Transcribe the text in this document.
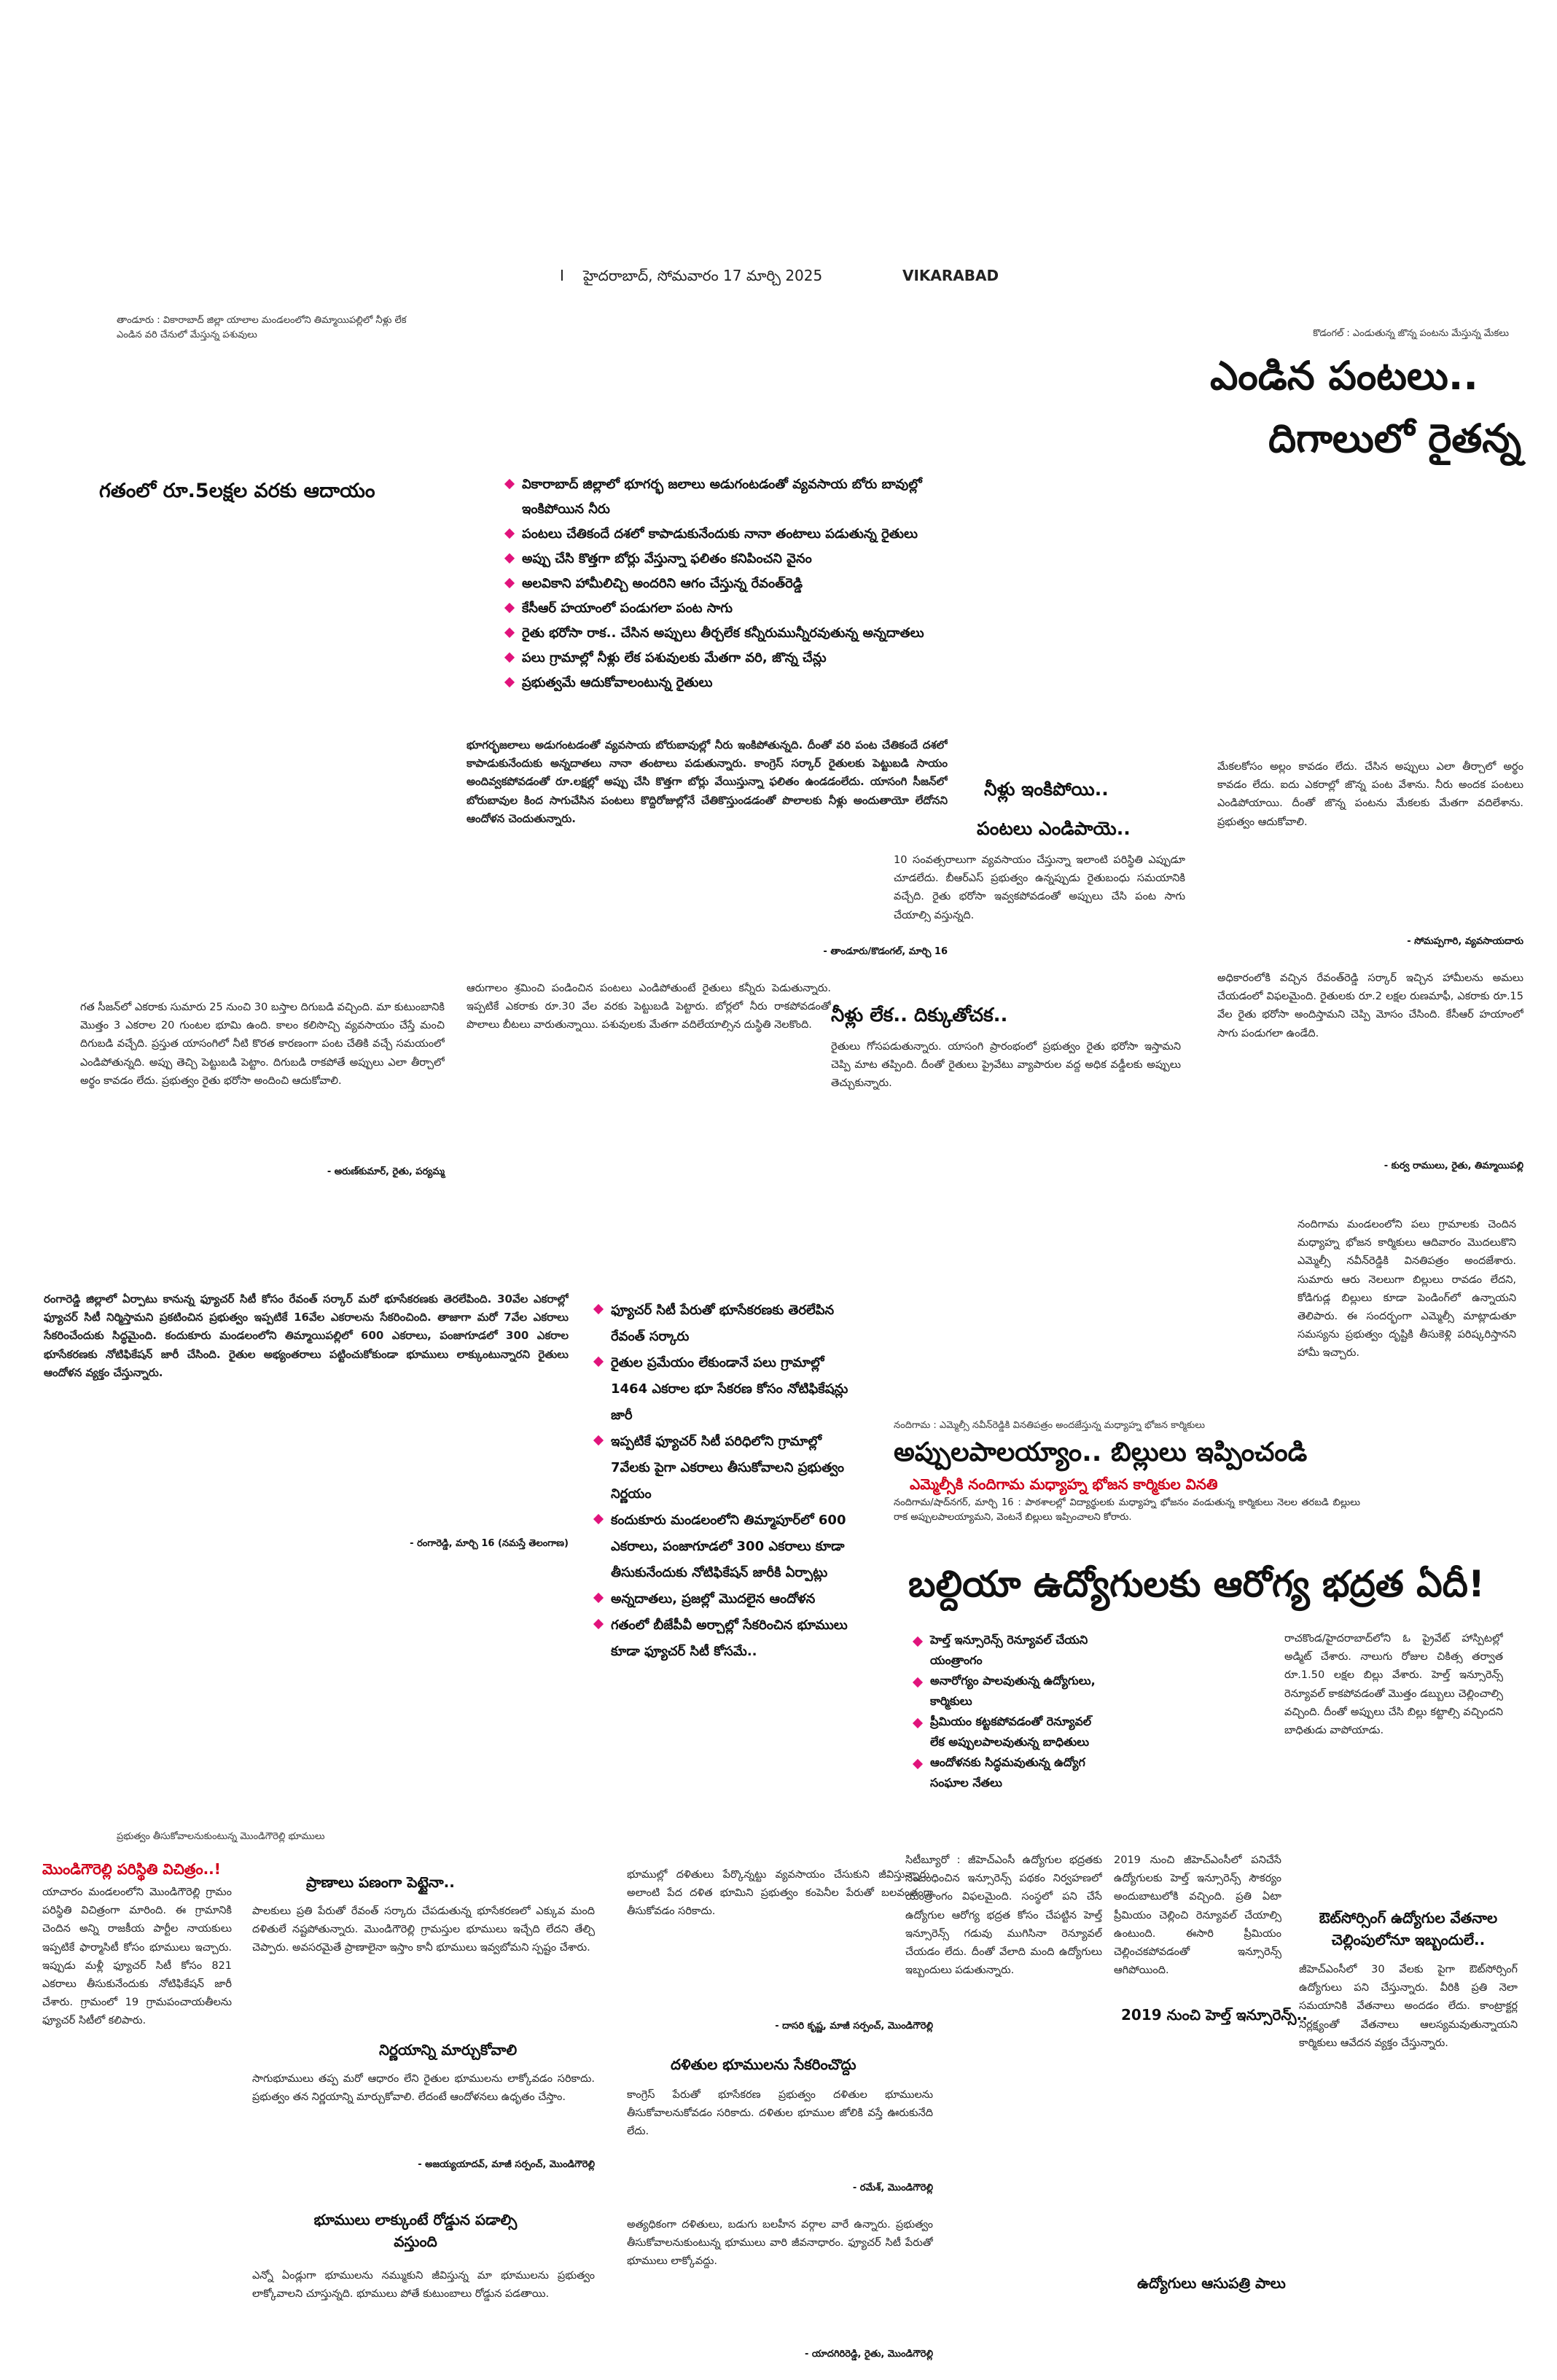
I హైదరాబాద్‌, సోమవారం 17 మార్చి 2025	VIKARABAD
తాండూరు : వికారాబాద్‌ జిల్లా యాలాల మండలంలోని తిమ్మాయిపల్లిలో నీళ్లు లేక ఎండిన వరి చేనులో మేస్తున్న పశువులు	కొడంగల్‌ : ఎండుతున్న జొన్న పంటను మేస్తున్న మేకలు
ఎండిన పంటలు..
దిగాలులో రైతన్న
గతంలో రూ.5లక్షల వరకు ఆదాయం	వికారాబాద్‌ జిల్లాలో భూగర్భ జలాలు అడుగంటడంతో వ్యవసాయ బోరు బావుల్లో ఇంకిపోయిన నీరు
పంటలు చేతికందే దశలో కాపాడుకునేందుకు నానా తంటాలు పడుతున్న రైతులు
అప్పు చేసి కొత్తగా బోర్లు వేస్తున్నా ఫలితం కనిపించని వైనం
అలవికాని హామీలిచ్చి అందరిని ఆగం చేస్తున్న రేవంత్‌రెడ్డి
కేసీఆర్‌ హయాంలో పండుగలా పంట సాగు
రైతు భరోసా రాక.. చేసిన అప్పులు తీర్చలేక కన్నీరుమున్నీరవుతున్న అన్నదాతలు
పలు గ్రామాల్లో నీళ్లు లేక పశువులకు మేతగా వరి, జొన్న చేన్లు
ప్రభుత్వమే ఆదుకోవాలంటున్న రైతులు
భూగర్భజలాలు అడుగంటడంతో వ్యవసాయ బోరుబావుల్లో నీరు ఇంకిపోతున్నది. దీంతో వరి పంట చేతికందే దశలో కాపాడుకునేందుకు అన్నదాతలు నానా తంటాలు పడుతున్నారు. కాంగ్రెస్‌ సర్కార్‌ రైతులకు పెట్టుబడి సాయం అందివ్వకపోవడంతో రూ.లక్షల్లో అప్పు చేసి కొత్తగా బోర్లు వేయిస్తున్నా ఫలితం ఉండడంలేదు. యాసంగి సీజన్‌లో బోరుబావుల కింద సాగుచేసిన పంటలు కొద్దిరోజుల్లోనే చేతికొస్తుండడంతో పొలాలకు నీళ్లు అందుతాయో లేదోనని ఆందోళన చెందుతున్నారు.
- తాండూరు/కొడంగల్‌, మార్చి 16
గత సీజన్‌లో ఎకరాకు సుమారు 25 నుంచి 30 బస్తాల దిగుబడి వచ్చింది. మా కుటుంబానికి మొత్తం 3 ఎకరాల 20 గుంటల భూమి ఉంది. కాలం కలిసొచ్చి వ్యవసాయం చేస్తే మంచి దిగుబడి వచ్చేది. ప్రస్తుత యాసంగిలో నీటి కొరత కారణంగా పంట చేతికి వచ్చే సమయంలో ఎండిపోతున్నది. అప్పు తెచ్చి పెట్టుబడి పెట్టాం. దిగుబడి రాకపోతే అప్పులు ఎలా తీర్చాలో అర్థం కావడం లేదు. ప్రభుత్వం రైతు భరోసా అందించి ఆదుకోవాలి.
- అరుణ్‌కుమార్‌, రైతు, పర్యమ్మ
ఆరుగాలం శ్రమించి పండించిన పంటలు ఎండిపోతుంటే రైతులు కన్నీరు పెడుతున్నారు. ఇప్పటికే ఎకరాకు రూ.30 వేల వరకు పెట్టుబడి పెట్టారు. బోర్లలో నీరు రాకపోవడంతో పొలాలు బీటలు వారుతున్నాయి. పశువులకు మేతగా వదిలేయాల్సిన దుస్థితి నెలకొంది.
నీళ్లు ఇంకిపోయి..
పంటలు ఎండిపాయె..
10 సంవత్సరాలుగా వ్యవసాయం చేస్తున్నా ఇలాంటి పరిస్థితి ఎప్పుడూ చూడలేదు. బీఆర్‌ఎస్‌ ప్రభుత్వం ఉన్నప్పుడు రైతుబంధు సమయానికి వచ్చేది. రైతు భరోసా ఇవ్వకపోవడంతో అప్పులు చేసి పంట సాగు చేయాల్సి వస్తున్నది.
నీళ్లు లేక.. దిక్కుతోచక..
రైతులు గోసపడుతున్నారు. యాసంగి ప్రారంభంలో ప్రభుత్వం రైతు భరోసా ఇస్తామని చెప్పి మాట తప్పింది. దీంతో రైతులు ప్రైవేటు వ్యాపారుల వద్ద అధిక వడ్డీలకు అప్పులు తెచ్చుకున్నారు.
మేకలకోసం అల్లం కావడం లేదు. చేసిన అప్పులు ఎలా తీర్చాలో అర్థం కావడం లేదు. ఐదు ఎకరాల్లో జొన్న పంట వేశాను. నీరు అందక పంటలు ఎండిపోయాయి. దీంతో జొన్న పంటను మేకలకు మేతగా వదిలేశాను. ప్రభుత్వం ఆదుకోవాలి.
- సోమప్పగారి, వ్యవసాయదారు
అధికారంలోకి వచ్చిన రేవంత్‌రెడ్డి సర్కార్‌ ఇచ్చిన హామీలను అమలు చేయడంలో విఫలమైంది. రైతులకు రూ.2 లక్షల రుణమాఫీ, ఎకరాకు రూ.15 వేల రైతు భరోసా అందిస్తామని చెప్పి మోసం చేసింది. కేసీఆర్‌ హయాంలో సాగు పండుగలా ఉండేది.
- కుర్వ రాములు, రైతు, తిమ్మాయిపల్లి
రంగారెడ్డి జిల్లాలో ఏర్పాటు కానున్న ఫ్యూచర్‌ సిటీ కోసం రేవంత్‌ సర్కార్‌ మరో భూసేకరణకు తెరలేపింది. 30వేల ఎకరాల్లో ఫ్యూచర్‌ సిటీ నిర్మిస్తామని ప్రకటించిన ప్రభుత్వం ఇప్పటికే 16వేల ఎకరాలను సేకరించింది. తాజాగా మరో 7వేల ఎకరాలు సేకరించేందుకు సిద్ధమైంది. కందుకూరు మండలంలోని తిమ్మాయిపల్లిలో 600 ఎకరాలు, పంజాగూడలో 300 ఎకరాల భూసేకరణకు నోటిఫికేషన్‌ జారీ చేసింది. రైతుల అభ్యంతరాలు పట్టించుకోకుండా భూములు లాక్కుంటున్నారని రైతులు ఆందోళన వ్యక్తం చేస్తున్నారు.
- రంగారెడ్డి, మార్చి 16 (నమస్తే తెలంగాణ)
ఫ్యూచర్‌ సిటీ పేరుతో భూసేకరణకు తెరలేపిన రేవంత్‌ సర్కారు
రైతుల ప్రమేయం లేకుండానే పలు గ్రామాల్లో 1464 ఎకరాల భూ సేకరణ కోసం నోటిఫికేషన్లు జారీ
ఇప్పటికే ఫ్యూచర్‌ సిటీ పరిధిలోని గ్రామాల్లో 7వేలకు పైగా ఎకరాలు తీసుకోవాలని ప్రభుత్వం నిర్ణయం
కందుకూరు మండలంలోని తిమ్మాపూర్‌లో 600 ఎకరాలు, పంజాగూడలో 300 ఎకరాలు కూడా తీసుకునేందుకు నోటిఫికేషన్‌ జారీకి ఏర్పాట్లు
అన్నదాతలు, ప్రజల్లో మొదలైన ఆందోళన
గతంలో బీజేపీవీ అర్చాల్లో సేకరించిన భూములు కూడా ఫ్యూచర్‌ సిటీ కోసమే..
ప్రభుత్వం తీసుకోవాలనుకుంటున్న మొండిగౌరెల్లి భూములు
మొండిగౌరెల్లి పరిస్థితి విచిత్రం..!
యాచారం మండలంలోని మొండిగౌరెల్లి గ్రామం పరిస్థితి విచిత్రంగా మారింది. ఈ గ్రామానికి చెందిన అన్ని రాజకీయ పార్టీల నాయకులు ఇప్పటికే ఫార్మాసిటీ కోసం భూములు ఇచ్చారు. ఇప్పుడు మళ్లీ ఫ్యూచర్‌ సిటీ కోసం 821 ఎకరాలు తీసుకునేందుకు నోటిఫికేషన్‌ జారీ చేశారు. గ్రామంలో 19 గ్రామపంచాయతీలను ఫ్యూచర్‌ సిటీలో కలిపారు.
ప్రాణాలు పణంగా పెట్టైనా..
పాలకులు ప్రతి పేరుతో రేవంత్‌ సర్కారు చేపడుతున్న భూసేకరణలో ఎక్కువ మంది దళితులే నష్టపోతున్నారు. మొండిగౌరెల్లి గ్రామస్తుల భూములు ఇచ్చేది లేదని తేల్చి చెప్పారు. అవసరమైతే ప్రాణాలైనా ఇస్తాం కానీ భూములు ఇవ్వబోమని స్పష్టం చేశారు.
నిర్ణయాన్ని మార్చుకోవాలి
సాగుభూములు తప్ప మరో ఆధారం లేని రైతుల భూములను లాక్కోవడం సరికాదు. ప్రభుత్వం తన నిర్ణయాన్ని మార్చుకోవాలి. లేదంటే ఆందోళనలు ఉధృతం చేస్తాం.
- అజయ్యయాదవ్‌, మాజీ సర్పంచ్‌, మొండిగౌరెల్లి
భూములు లాక్కుంటే రోడ్డున పడాల్సి వస్తుంది
ఎన్నో ఏండ్లుగా భూములను నమ్ముకుని జీవిస్తున్న మా భూములను ప్రభుత్వం లాక్కోవాలని చూస్తున్నది. భూములు పోతే కుటుంబాలు రోడ్డున పడతాయి.
భూముల్లో దళితులు పేర్కొన్నట్టు వ్యవసాయం చేసుకుని జీవిస్తున్నారు. అలాంటి పేద దళిత భూమిని ప్రభుత్వం కంపెనీల పేరుతో బలవంతంగా తీసుకోవడం సరికాదు.
- దాసరి కృష్ణ, మాజీ సర్పంచ్‌, మొండిగౌరెల్లి
దళితుల భూములను సేకరించొద్దు
కాంగ్రెస్‌ పేరుతో భూసేకరణ ప్రభుత్వం దళితుల భూములను తీసుకోవాలనుకోవడం సరికాదు. దళితుల భూముల జోలికి వస్తే ఊరుకునేది లేదు.
- రమేశ్‌, మొండిగౌరెల్లి
అత్యధికంగా దళితులు, బడుగు బలహీన వర్గాల వారే ఉన్నారు. ప్రభుత్వం తీసుకోవాలనుకుంటున్న భూములు వారి జీవనాధారం. ఫ్యూచర్‌ సిటీ పేరుతో భూములు లాక్కోవద్దు.
- యాదగిరిరెడ్డి, రైతు, మొండిగౌరెల్లి
నందిగామ : ఎమ్మెల్సీ నవీన్‌రెడ్డికి వినతిపత్రం అందజేస్తున్న మధ్యాహ్న భోజన కార్మికులు
అప్పులపాలయ్యాం.. బిల్లులు ఇప్పించండి
ఎమ్మెల్సీకి నందిగామ మధ్యాహ్న భోజన కార్మికుల వినతి
నందిగామ/షాద్‌నగర్‌, మార్చి 16 : పాఠశాలల్లో విద్యార్థులకు మధ్యాహ్న భోజనం వండుతున్న కార్మికులు నెలల తరబడి బిల్లులు రాక అప్పులపాలయ్యామని, వెంటనే బిల్లులు ఇప్పించాలని కోరారు.
నందిగామ మండలంలోని పలు గ్రామాలకు చెందిన మధ్యాహ్న భోజన కార్మికులు ఆదివారం మొదలుకొని ఎమ్మెల్సీ నవీన్‌రెడ్డికి వినతిపత్రం అందజేశారు. సుమారు ఆరు నెలలుగా బిల్లులు రావడం లేదని, కోడిగుడ్ల బిల్లులు కూడా పెండింగ్‌లో ఉన్నాయని తెలిపారు. ఈ సందర్భంగా ఎమ్మెల్సీ మాట్లాడుతూ సమస్యను ప్రభుత్వం దృష్టికి తీసుకెళ్లి పరిష్కరిస్తానని హామీ ఇచ్చారు.
బల్దియా ఉద్యోగులకు ఆరోగ్య భద్రత ఏదీ!
హెల్త్‌ ఇన్సూరెన్స్‌ రెన్యూవల్‌ చేయని యంత్రాంగం
అనారోగ్యం పాలవుతున్న ఉద్యోగులు, కార్మికులు
ప్రీమియం కట్టకపోవడంతో రెన్యూవల్‌ లేక అప్పులపాలవుతున్న బాధితులు
ఆందోళనకు సిద్ధమవుతున్న ఉద్యోగ సంఘాల నేతలు
రాచకొండ/హైదరాబాద్‌లోని ఓ ప్రైవేట్‌ హాస్పిటల్లో అడ్మిట్‌ చేశారు. నాలుగు రోజుల చికిత్స తర్వాత రూ.1.50 లక్షల బిల్లు వేశారు. హెల్త్‌ ఇన్సూరెన్స్‌ రెన్యూవల్‌ కాకపోవడంతో మొత్తం డబ్బులు చెల్లించాల్సి వచ్చింది. దీంతో అప్పులు చేసి బిల్లు కట్టాల్సి వచ్చిందని బాధితుడు వాపోయాడు.
సిటీబ్యూరో : జీహెచ్‌ఎంసీ ఉద్యోగుల భద్రతకు సంబంధించిన ఇన్సూరెన్స్‌ పథకం నిర్వహణలో యంత్రాంగం విఫలమైంది. సంస్థలో పని చేసే ఉద్యోగుల ఆరోగ్య భద్రత కోసం చేపట్టిన హెల్త్‌ ఇన్సూరెన్స్‌ గడువు ముగిసినా రెన్యూవల్‌ చేయడం లేదు. దీంతో వేలాది మంది ఉద్యోగులు ఇబ్బందులు పడుతున్నారు.
2019 నుంచి హెల్త్‌ ఇన్సూరెన్స్‌..
2019 నుంచి జీహెచ్‌ఎంసీలో పనిచేసే ఉద్యోగులకు హెల్త్‌ ఇన్సూరెన్స్‌ సౌకర్యం అందుబాటులోకి వచ్చింది. ప్రతి ఏటా ప్రీమియం చెల్లించి రెన్యూవల్‌ చేయాల్సి ఉంటుంది. ఈసారి ప్రీమియం చెల్లించకపోవడంతో ఇన్సూరెన్స్‌ ఆగిపోయింది.
ఉద్యోగులు ఆసుపత్రి పాలు
ఔట్‌సోర్సింగ్‌ ఉద్యోగుల వేతనాల చెల్లింపులోనూ ఇబ్బందులే..
జీహెచ్‌ఎంసీలో 30 వేలకు పైగా ఔట్‌సోర్సింగ్‌ ఉద్యోగులు పని చేస్తున్నారు. వీరికి ప్రతి నెలా సమయానికి వేతనాలు అందడం లేదు. కాంట్రాక్టర్ల నిర్లక్ష్యంతో వేతనాలు ఆలస్యమవుతున్నాయని కార్మికులు ఆవేదన వ్యక్తం చేస్తున్నారు.
